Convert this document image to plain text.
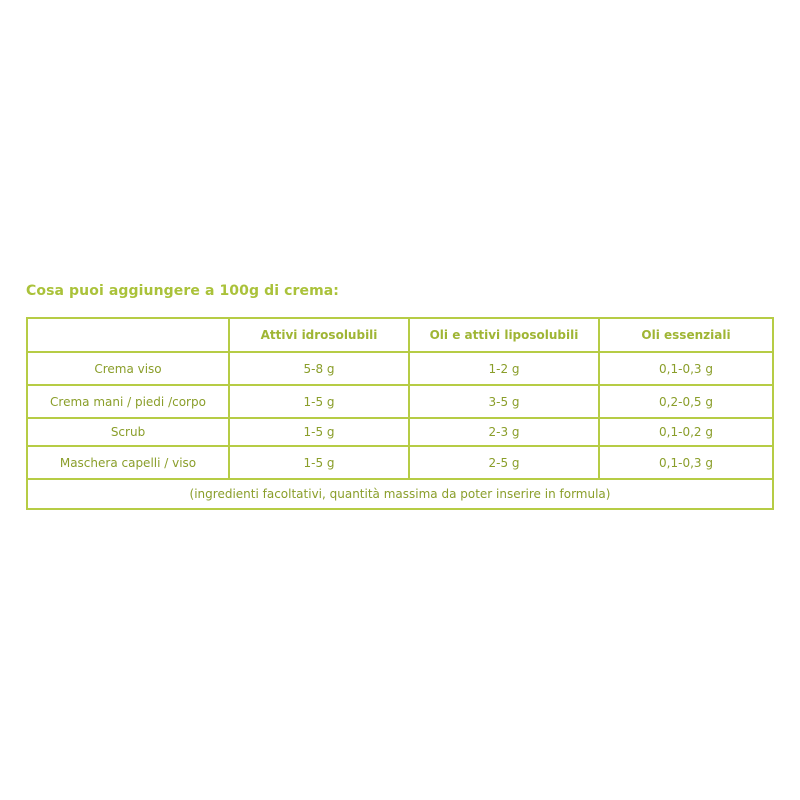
Cosa puoi aggiungere a 100g di crema:
	Attivi idrosolubili	Oli e attivi liposolubili	Oli essenziali
Crema viso	5-8 g	1-2 g	0,1-0,3 g
Crema mani / piedi /corpo	1-5 g	3-5 g	0,2-0,5 g
Scrub	1-5 g	2-3 g	0,1-0,2 g
Maschera capelli / viso	1-5 g	2-5 g	0,1-0,3 g
(ingredienti facoltativi, quantità massima da poter inserire in formula)			
